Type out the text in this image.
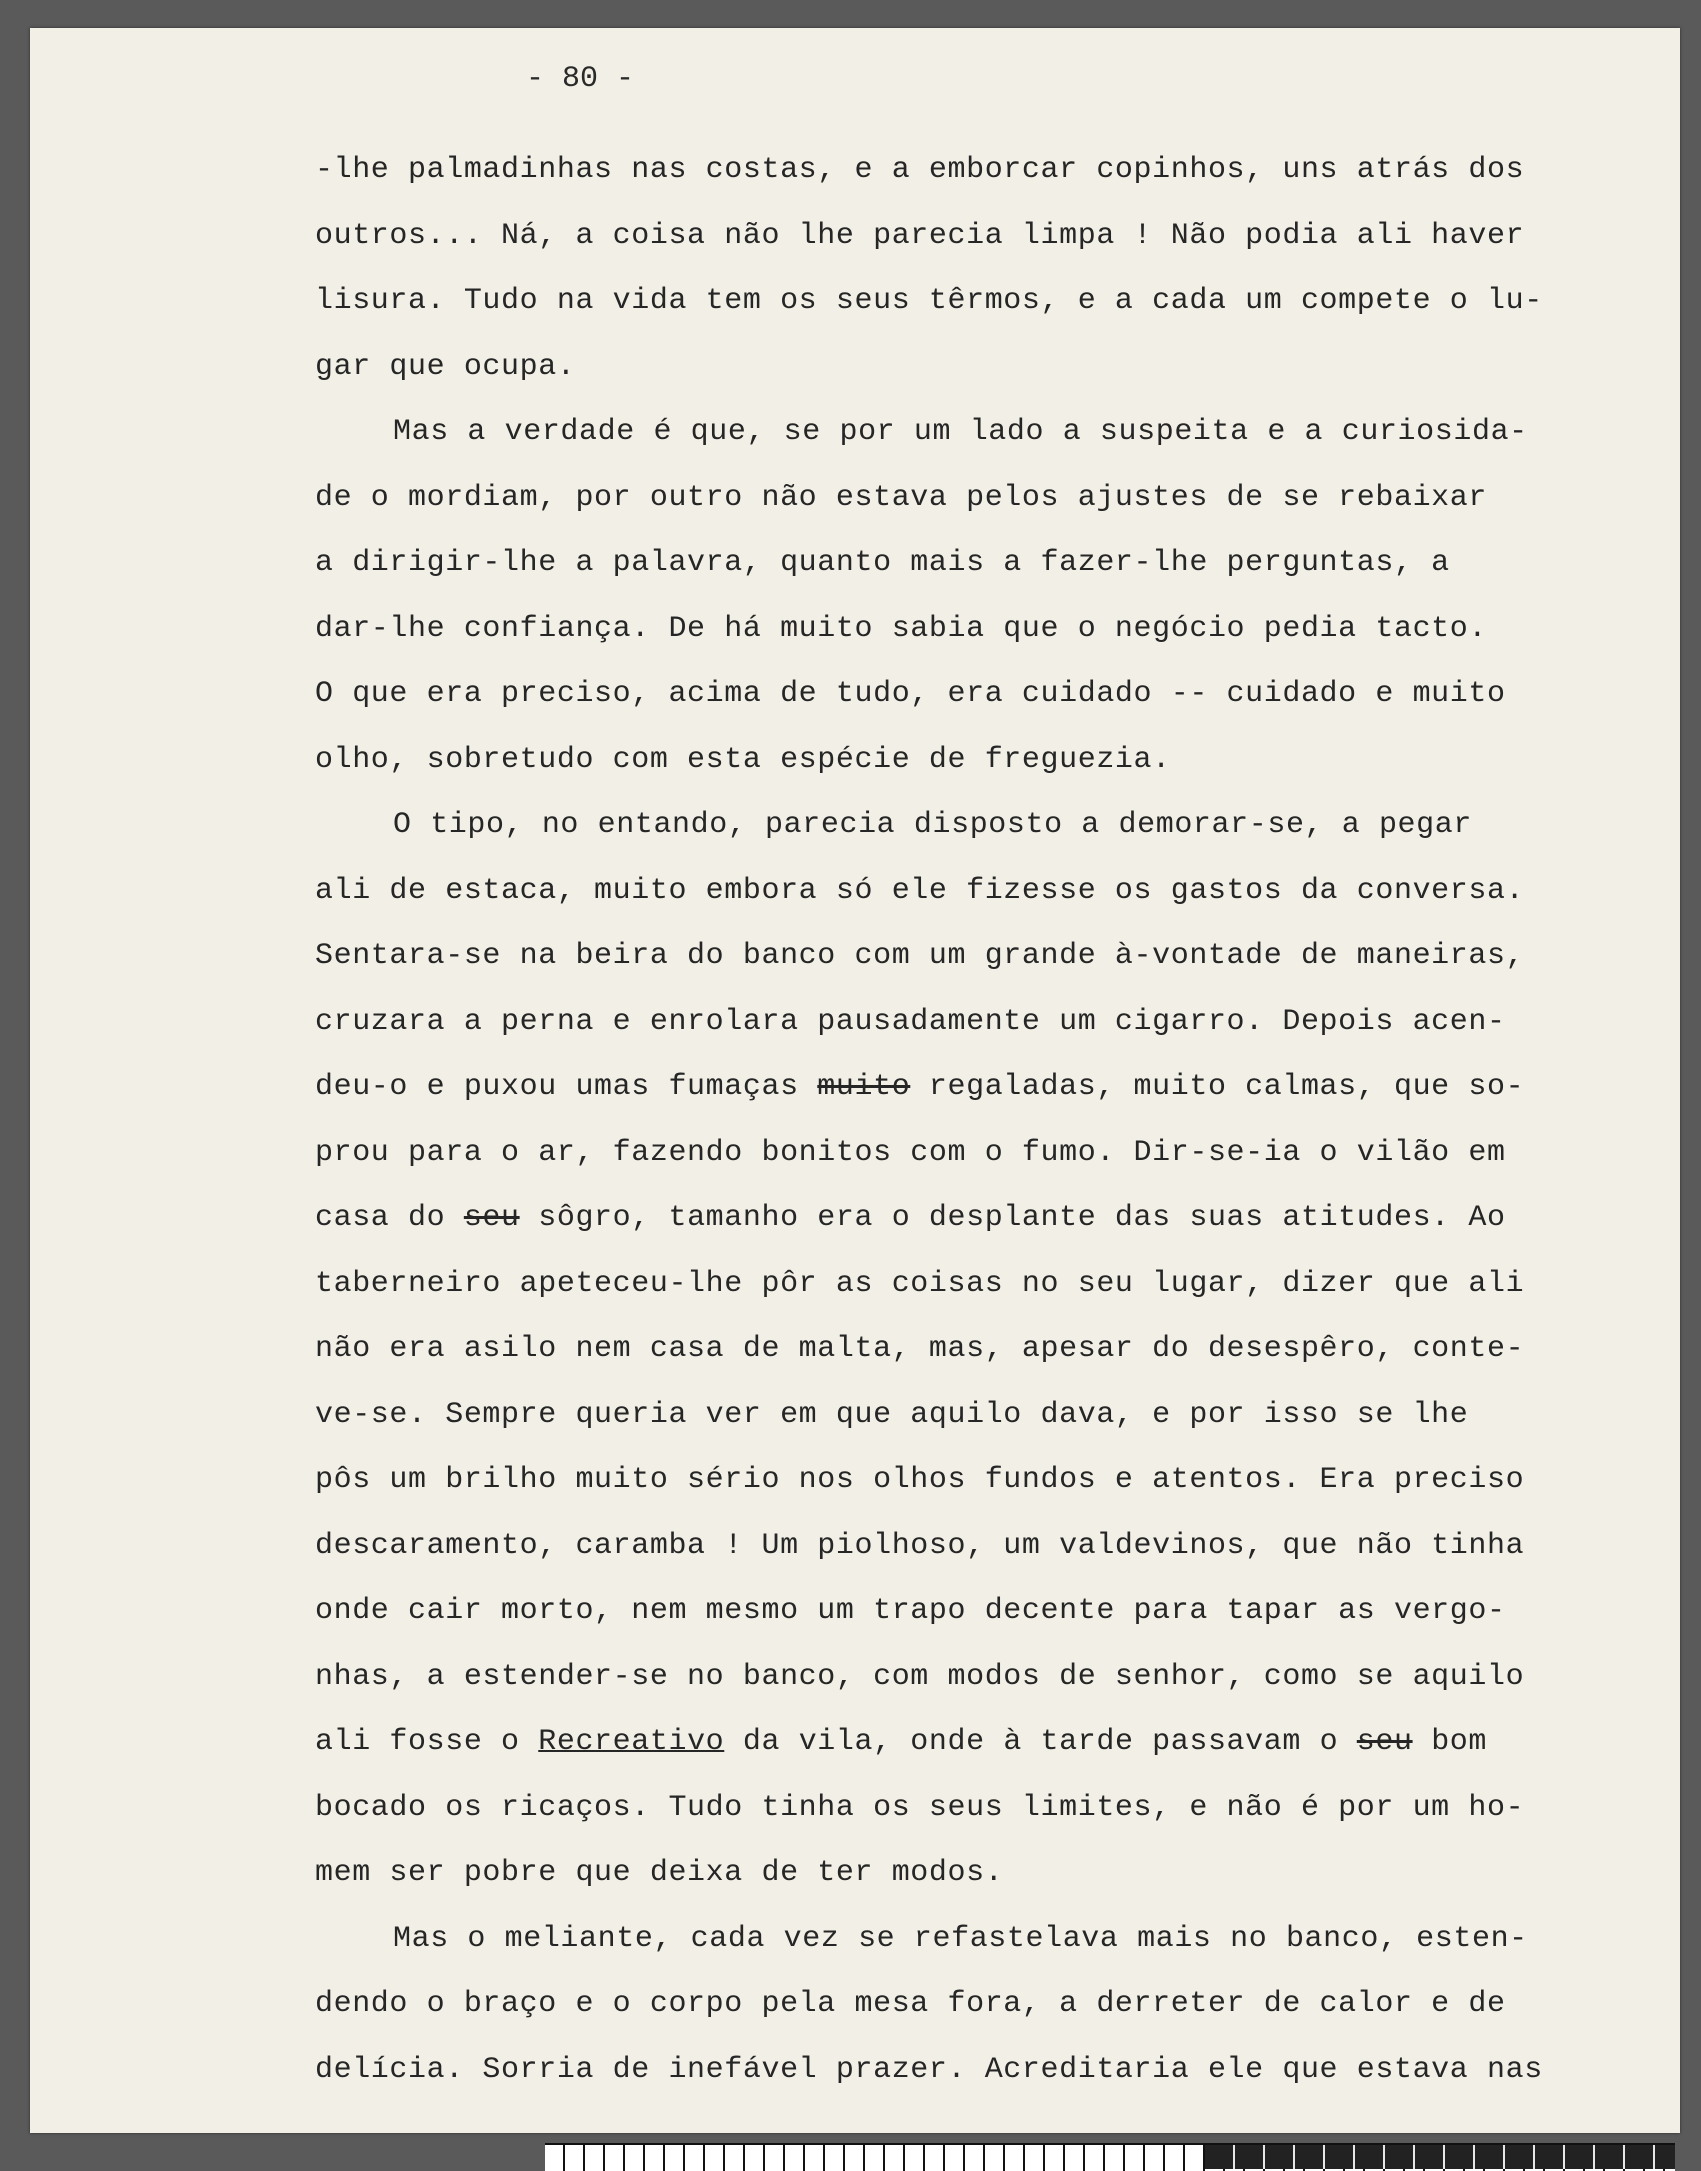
- 80 -
-lhe palmadinhas nas costas, e a emborcar copinhos, uns atrás dos
outros... Ná, a coisa não lhe parecia limpa ! Não podia ali haver
lisura. Tudo na vida tem os seus têrmos, e a cada um compete o lu-
gar que ocupa.
Mas a verdade é que, se por um lado a suspeita e a curiosida-
de o mordiam, por outro não estava pelos ajustes de se rebaixar
a dirigir-lhe a palavra, quanto mais a fazer-lhe perguntas, a
dar-lhe confiança. De há muito sabia que o negócio pedia tacto.
O que era preciso, acima de tudo, era cuidado -- cuidado e muito
olho, sobretudo com esta espécie de freguezia.
O tipo, no entando, parecia disposto a demorar-se, a pegar
ali de estaca, muito embora só ele fizesse os gastos da conversa.
Sentara-se na beira do banco com um grande à-vontade de maneiras,
cruzara a perna e enrolara pausadamente um cigarro. Depois acen-
deu-o e puxou umas fumaças muito regaladas, muito calmas, que so-
prou para o ar, fazendo bonitos com o fumo. Dir-se-ia o vilão em
casa do seu sôgro, tamanho era o desplante das suas atitudes. Ao
taberneiro apeteceu-lhe pôr as coisas no seu lugar, dizer que ali
não era asilo nem casa de malta, mas, apesar do desespêro, conte-
ve-se. Sempre queria ver em que aquilo dava, e por isso se lhe
pôs um brilho muito sério nos olhos fundos e atentos. Era preciso
descaramento, caramba ! Um piolhoso, um valdevinos, que não tinha
onde cair morto, nem mesmo um trapo decente para tapar as vergo-
nhas, a estender-se no banco, com modos de senhor, como se aquilo
ali fosse o Recreativo da vila, onde à tarde passavam o seu bom
bocado os ricaços. Tudo tinha os seus limites, e não é por um ho-
mem ser pobre que deixa de ter modos.
Mas o meliante, cada vez se refastelava mais no banco, esten-
dendo o braço e o corpo pela mesa fora, a derreter de calor e de
delícia. Sorria de inefável prazer. Acreditaria ele que estava nas
